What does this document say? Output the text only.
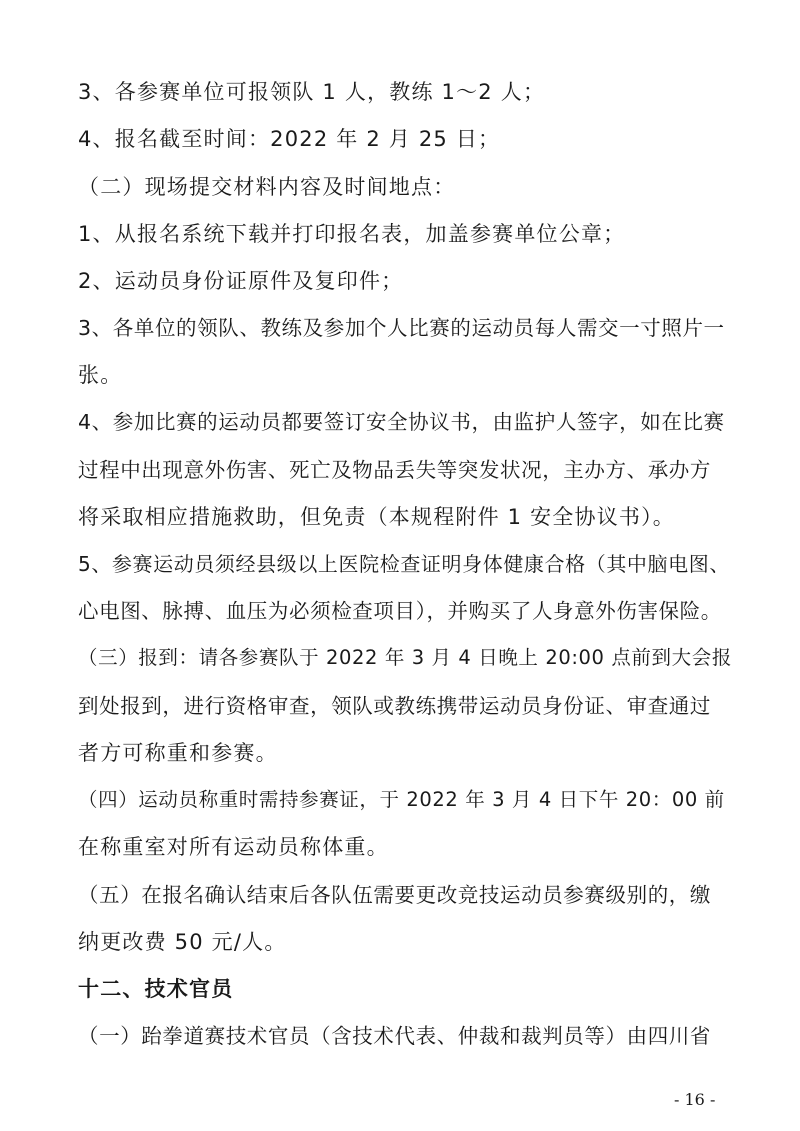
3、各参赛单位可报领队 1 人，教练 1～2 人；
4、报名截至时间：2022 年 2 月 25 日；
（二）现场提交材料内容及时间地点：
1、从报名系统下载并打印报名表，加盖参赛单位公章；
2、运动员身份证原件及复印件；
3、各单位的领队、教练及参加个人比赛的运动员每人需交一寸照片一
张。
4、参加比赛的运动员都要签订安全协议书，由监护人签字，如在比赛
过程中出现意外伤害、死亡及物品丢失等突发状况，主办方、承办方
将采取相应措施救助，但免责（本规程附件 1 安全协议书）。
5、参赛运动员须经县级以上医院检查证明身体健康合格（其中脑电图、
心电图、脉搏、血压为必须检查项目），并购买了人身意外伤害保险。
（三）报到：请各参赛队于 2022 年 3 月 4 日晚上 20:00 点前到大会报
到处报到，进行资格审查，领队或教练携带运动员身份证、审查通过
者方可称重和参赛。
（四）运动员称重时需持参赛证，于 2022 年 3 月 4 日下午 20：00 前
在称重室对所有运动员称体重。
（五）在报名确认结束后各队伍需要更改竞技运动员参赛级别的，缴
纳更改费 50 元/人。
十二、技术官员
（一）跆拳道赛技术官员（含技术代表、仲裁和裁判员等）由四川省
- 16 -
